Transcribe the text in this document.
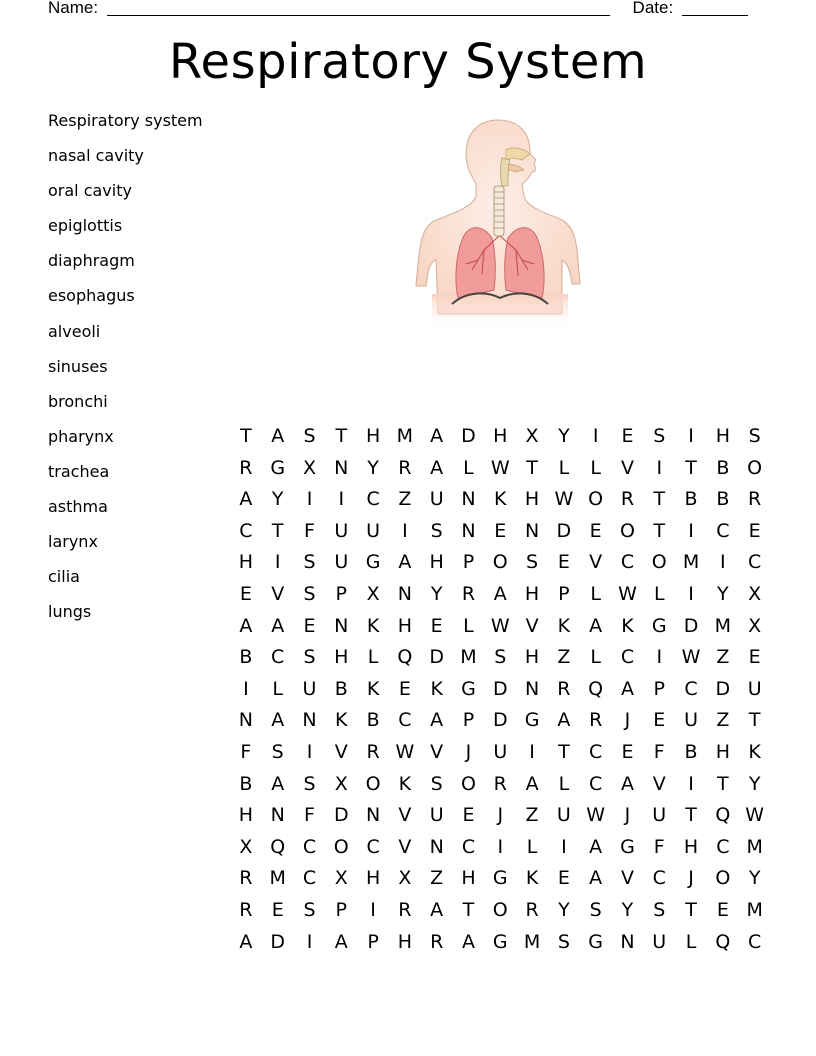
Name:	Date:
Respiratory System
Respiratory system
nasal cavity
oral cavity
epiglottis
diaphragm
esophagus
alveoli
sinuses
bronchi
pharynx
trachea
asthma
larynx
cilia
lungs
T	A	S	T H M A D H X	Y	I	E	S	I	H S
R G X N Y	R A	L W T	L	L	V	I	T	B O
A	Y	I	I	C Z U N K H W O R	T	B B R
C	T	F	U U	I	S N E N D E O T	I	C	E
H	I	S U G A H P O S	E	V C O M	I	C
E	V	S	P	X N Y	R A H P	L W L	I	Y	X
A A	E N K H E	L W V	K	A	K G D M X
B C	S H	L	Q D M S H Z	L	C	I	W Z	E
I	L	U B	K	E	K G D N R Q A	P	C D U
N A N K	B C A	P D G A R	J	E U Z	T
F	S	I	V R W V	J	U	I	T	C	E	F	B H K
B A	S	X O K	S O R A	L	C A V	I	T	Y
H N	F	D N V U E	J	Z U W	J	U	T Q W
X Q C O C V N C	I	L	I	A G F	H C M
R M C X H X Z H G K	E	A V C	J	O Y
R	E	S	P	I	R A	T O R	Y	S	Y	S	T	E M
A D	I	A	P H R A G M S G N U	L	Q C
